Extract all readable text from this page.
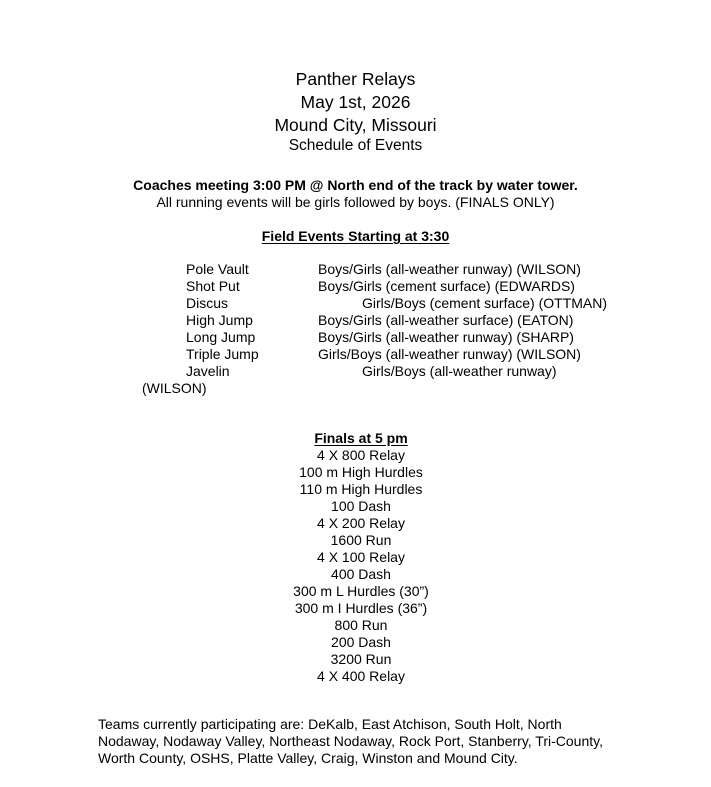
Panther Relays
May 1st, 2026
Mound City, Missouri
Schedule of Events
Coaches meeting 3:00 PM @ North end of the track by water tower.
All running events will be girls followed by boys. (FINALS ONLY)
Field Events Starting at 3:30
Pole Vault	Boys/Girls (all-weather runway) (WILSON)
Shot Put	Boys/Girls (cement surface) (EDWARDS)
Discus	Girls/Boys (cement surface) (OTTMAN)
High Jump	Boys/Girls (all-weather surface) (EATON)
Long Jump	Boys/Girls (all-weather runway) (SHARP)
Triple Jump	Girls/Boys (all-weather runway) (WILSON)
Javelin	Girls/Boys (all-weather runway)
(WILSON)
Finals at 5 pm
4 X 800 Relay
100 m High Hurdles
110 m High Hurdles
100 Dash
4 X 200 Relay
1600 Run
4 X 100 Relay
400 Dash
300 m L Hurdles (30”)
300 m I Hurdles (36”)
800 Run
200 Dash
3200 Run
4 X 400 Relay
Teams currently participating are: DeKalb, East Atchison, South Holt, North Nodaway, Nodaway Valley, Northeast Nodaway, Rock Port, Stanberry, Tri-County, Worth County, OSHS, Platte Valley, Craig, Winston and Mound City.
